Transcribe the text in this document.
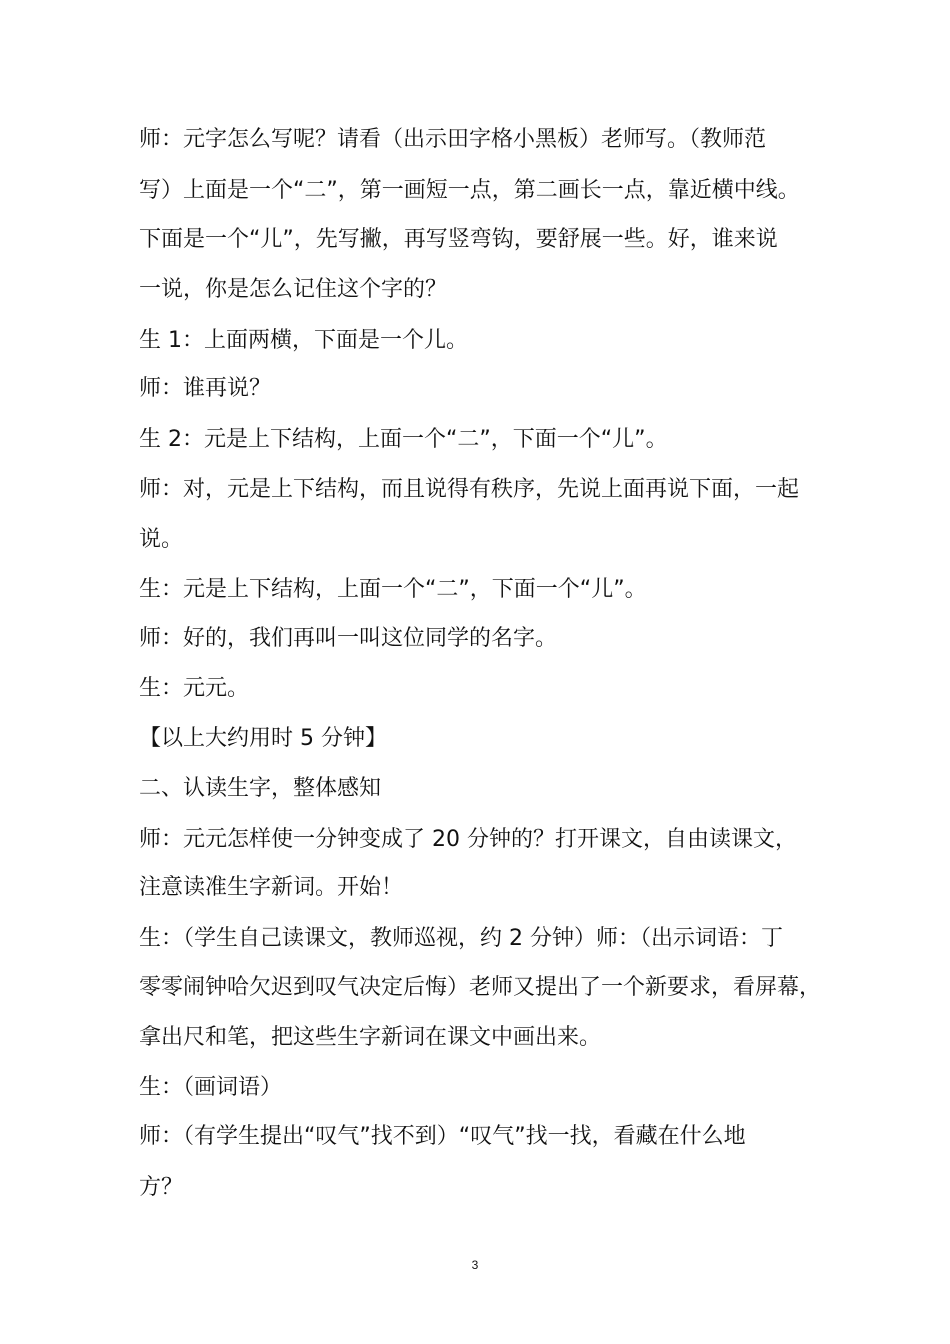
师：元字怎么写呢？请看（出示田字格小黑板）老师写。（教师范
写）上面是一个“二”，第一画短一点，第二画长一点，靠近横中线。
下面是一个“儿”，先写撇，再写竖弯钩，要舒展一些。好，谁来说
一说，你是怎么记住这个字的？
生 1：上面两横，下面是一个儿。
师：谁再说？
生 2：元是上下结构，上面一个“二”，下面一个“儿”。
师：对，元是上下结构，而且说得有秩序，先说上面再说下面，一起
说。
生：元是上下结构，上面一个“二”，下面一个“儿”。
师：好的，我们再叫一叫这位同学的名字。
生：元元。
【以上大约用时 5 分钟】
二、认读生字，整体感知
师：元元怎样使一分钟变成了 20 分钟的？打开课文，自由读课文，
注意读准生字新词。开始！
生：（学生自己读课文，教师巡视，约 2 分钟）师：（出示词语：丁
零零闹钟哈欠迟到叹气决定后悔）老师又提出了一个新要求，看屏幕，
拿出尺和笔，把这些生字新词在课文中画出来。
生：（画词语）
师：（有学生提出“叹气”找不到）“叹气”找一找，看藏在什么地
方？
3
